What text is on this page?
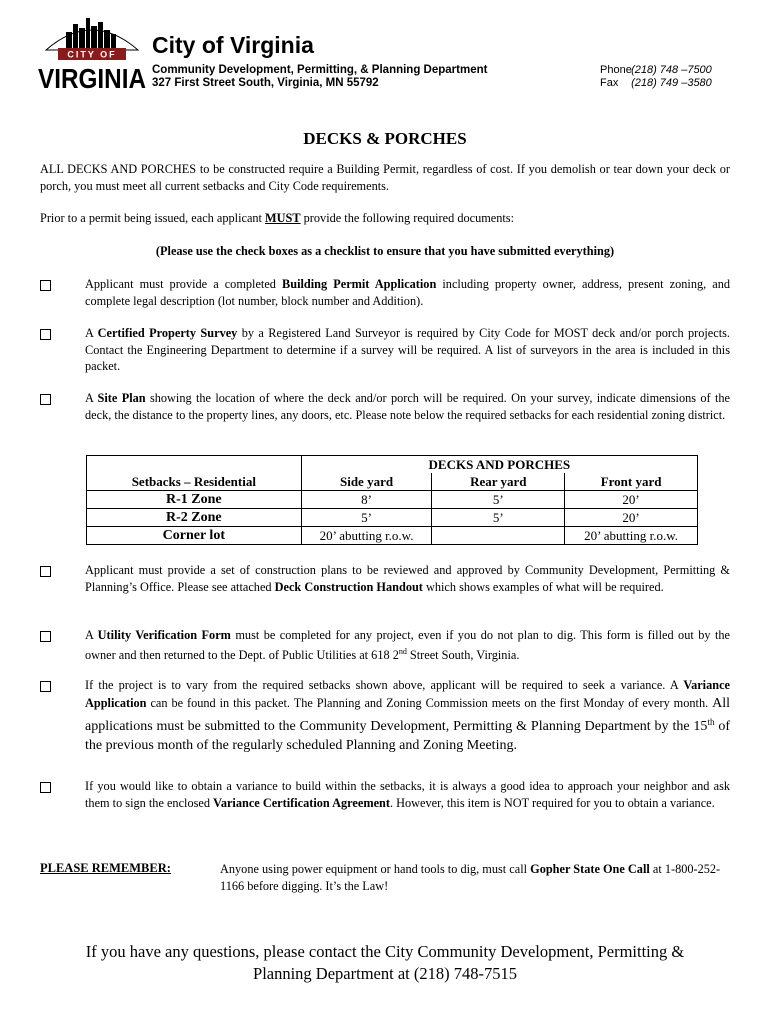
CITY OF
VIRGINIA
City of Virginia
Community Development, Permitting, & Planning Department
327 First Street South, Virginia, MN 55792
Phone (218) 748 –7500
Fax (218) 749 –3580
DECKS & PORCHES

ALL DECKS AND PORCHES to be constructed require a Building Permit, regardless of cost. If you demolish or tear down your deck or porch, you must meet all current setbacks and City Code requirements.

Prior to a permit being issued, each applicant MUST provide the following required documents:

(Please use the check boxes as a checklist to ensure that you have submitted everything)

Applicant must provide a completed Building Permit Application including property owner, address, present zoning, and complete legal description (lot number, block number and Addition).

A Certified Property Survey by a Registered Land Surveyor is required by City Code for MOST deck and/or porch projects. Contact the Engineering Department to determine if a survey will be required. A list of surveyors in the area is included in this packet.

A Site Plan showing the location of where the deck and/or porch will be required. On your survey, indicate dimensions of the deck, the distance to the property lines, any doors, etc. Please note below the required setbacks for each residential zoning district.

	DECKS AND PORCHES		
Setbacks – Residential	Side yard	Rear yard	Front yard
R-1 Zone	8’	5’	20’
R-2 Zone	5’	5’	20’
Corner lot	20’ abutting r.o.w.		20’ abutting r.o.w.

Applicant must provide a set of construction plans to be reviewed and approved by Community Development, Permitting & Planning’s Office. Please see attached Deck Construction Handout which shows examples of what will be required.

A Utility Verification Form must be completed for any project, even if you do not plan to dig. This form is filled out by the owner and then returned to the Dept. of Public Utilities at 618 2nd Street South, Virginia.

If the project is to vary from the required setbacks shown above, applicant will be required to seek a variance. A Variance Application can be found in this packet. The Planning and Zoning Commission meets on the first Monday of every month. All applications must be submitted to the Community Development, Permitting & Planning Department by the 15th of the previous month of the regularly scheduled Planning and Zoning Meeting.

If you would like to obtain a variance to build within the setbacks, it is always a good idea to approach your neighbor and ask them to sign the enclosed Variance Certification Agreement. However, this item is NOT required for you to obtain a variance.

PLEASE REMEMBER:	Anyone using power equipment or hand tools to dig, must call Gopher State One Call at 1-800-252-1166 before digging. It’s the Law!
If you have any questions, please contact the City Community Development, Permitting &
Planning Department at (218) 748-7515
